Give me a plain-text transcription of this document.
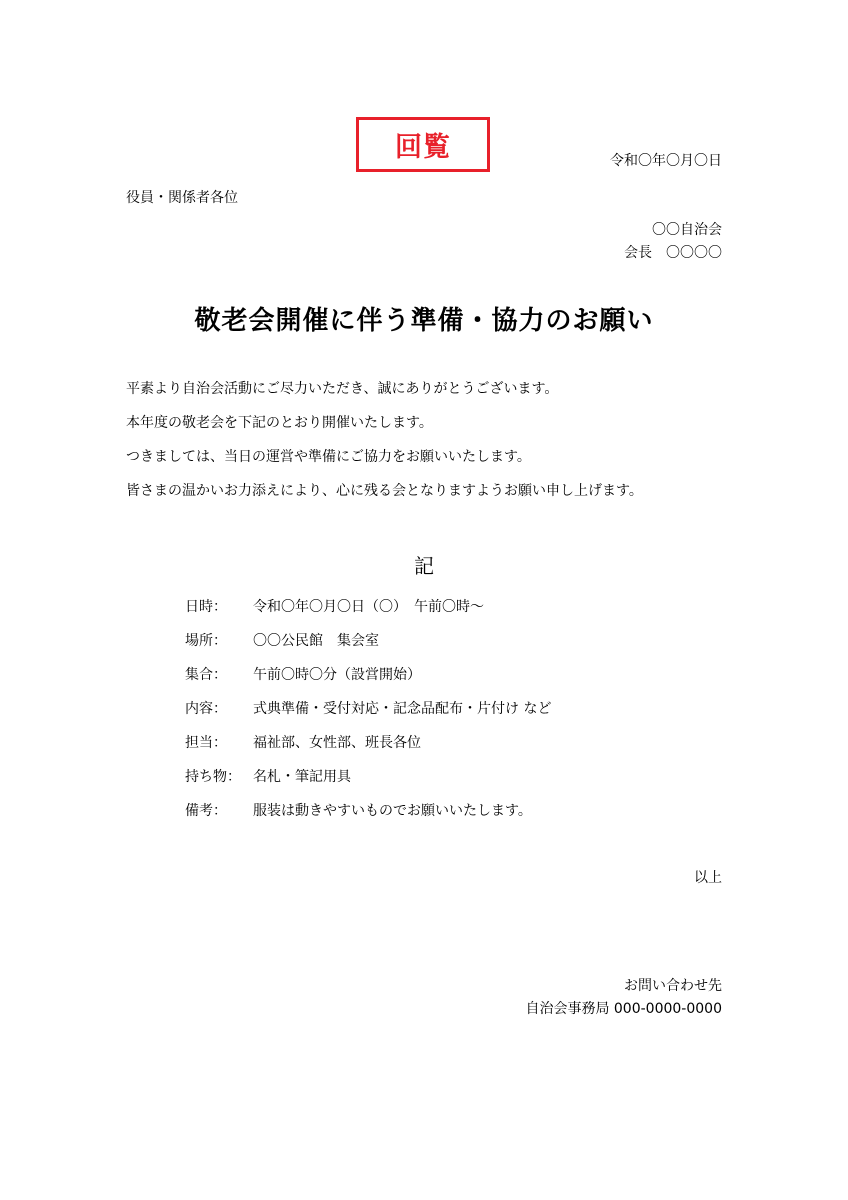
回覧	令和〇年〇月〇日
役員・関係者各位
〇〇自治会
会長　〇〇〇〇
敬老会開催に伴う準備・協力のお願い
平素より自治会活動にご尽力いただき、誠にありがとうございます。
本年度の敬老会を下記のとおり開催いたします。
つきましては、当日の運営や準備にご協力をお願いいたします。
皆さまの温かいお力添えにより、心に残る会となりますようお願い申し上げます。
記
日時：	令和〇年〇月〇日（〇）　午前〇時～
場所：	〇〇公民館　集会室
集合：	午前〇時〇分（設営開始）
内容：	式典準備・受付対応・記念品配布・片付け など
担当：	福祉部、女性部、班長各位
持ち物： 名札・筆記用具
備考：	服装は動きやすいものでお願いいたします。
以上
お問い合わせ先
自治会事務局 000-0000-0000
